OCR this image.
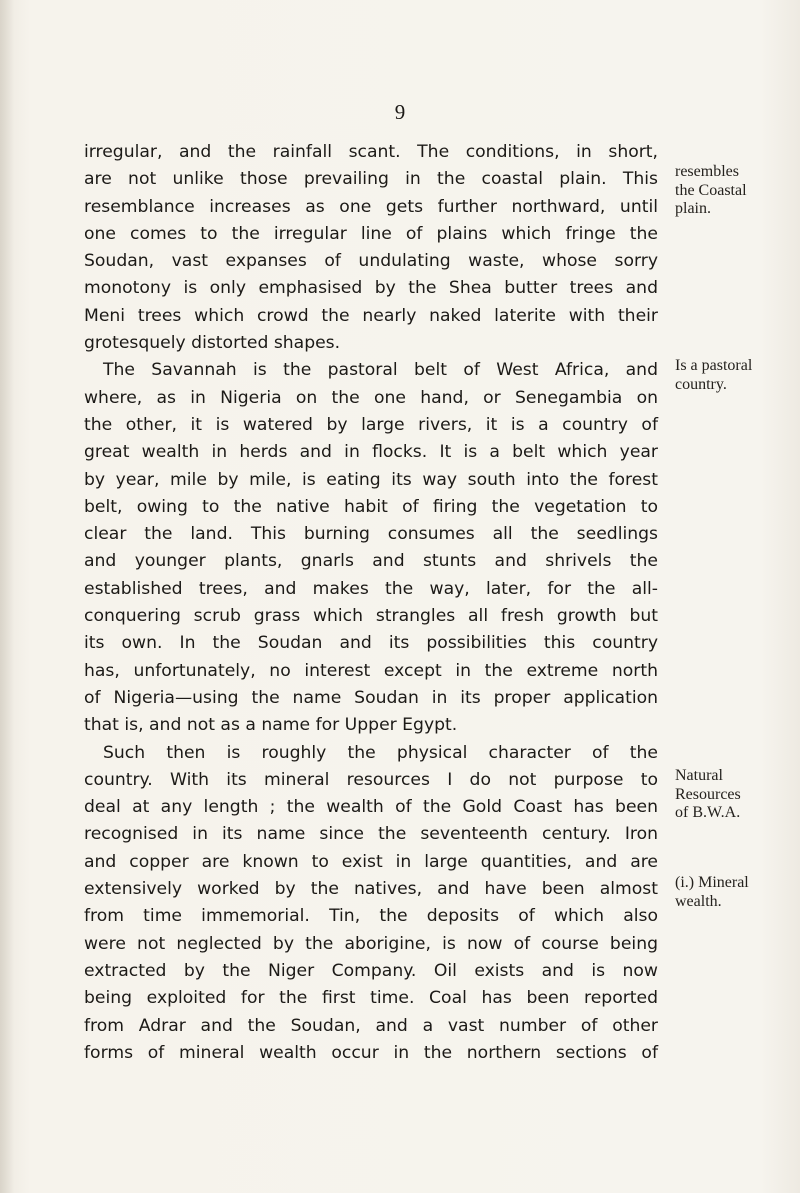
9
irregular, and the rainfall scant. The conditions, in short,
are not unlike those prevailing in the coastal plain. This
resemblance increases as one gets further northward, until
one comes to the irregular line of plains which fringe the
Soudan, vast expanses of undulating waste, whose sorry
monotony is only emphasised by the Shea butter trees and
Meni trees which crowd the nearly naked laterite with their
grotesquely distorted shapes.
The Savannah is the pastoral belt of West Africa, and
where, as in Nigeria on the one hand, or Senegambia on
the other, it is watered by large rivers, it is a country of
great wealth in herds and in flocks. It is a belt which year
by year, mile by mile, is eating its way south into the forest
belt, owing to the native habit of firing the vegetation to
clear the land. This burning consumes all the seedlings
and younger plants, gnarls and stunts and shrivels the
established trees, and makes the way, later, for the all-
conquering scrub grass which strangles all fresh growth but
its own. In the Soudan and its possibilities this country
has, unfortunately, no interest except in the extreme north
of Nigeria—using the name Soudan in its proper application
that is, and not as a name for Upper Egypt.
Such then is roughly the physical character of the
country. With its mineral resources I do not purpose to
deal at any length ; the wealth of the Gold Coast has been
recognised in its name since the seventeenth century. Iron
and copper are known to exist in large quantities, and are
extensively worked by the natives, and have been almost
from time immemorial. Tin, the deposits of which also
were not neglected by the aborigine, is now of course being
extracted by the Niger Company. Oil exists and is now
being exploited for the first time. Coal has been reported
from Adrar and the Soudan, and a vast number of other
forms of mineral wealth occur in the northern sections of
resembles
the Coastal
plain.
Is a pastoral
country.
Natural
Resources
of B.W.A.
(i.) Mineral
wealth.
